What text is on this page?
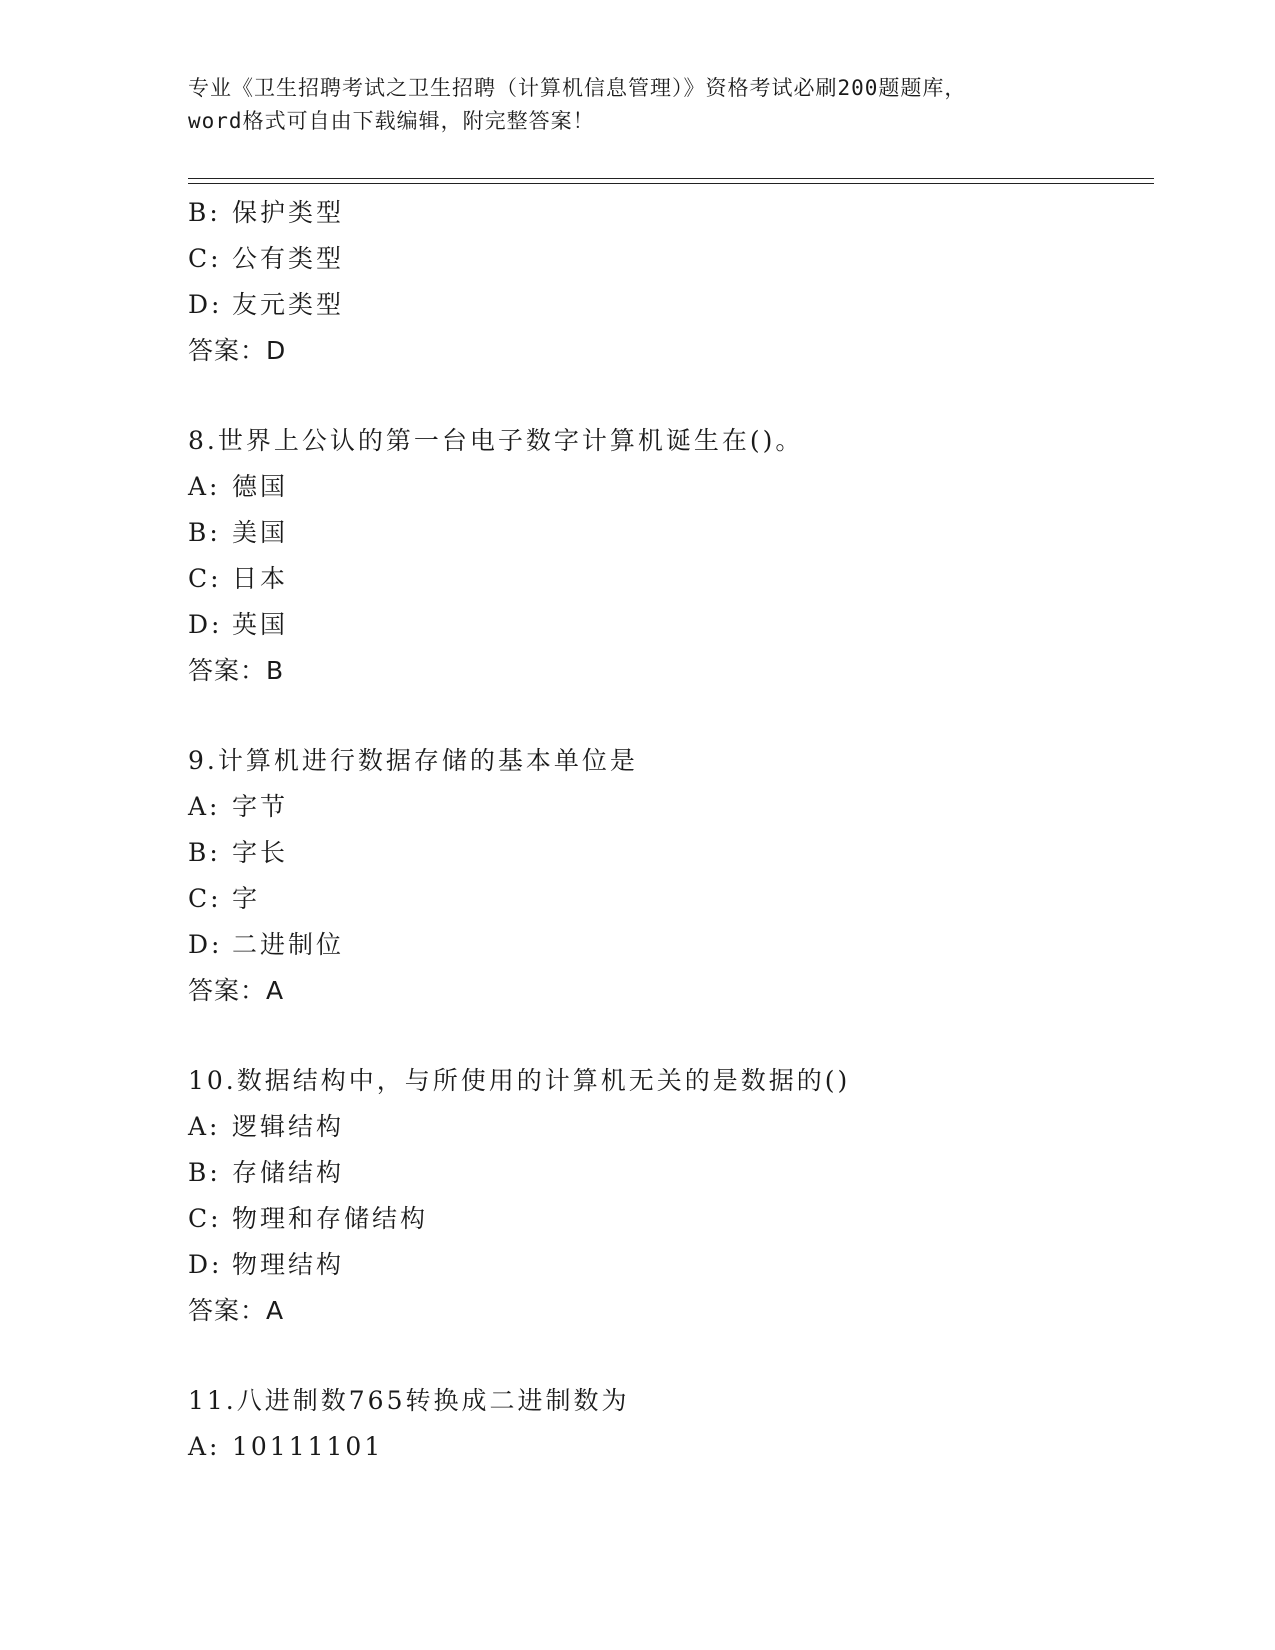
专业《卫生招聘考试之卫生招聘（计算机信息管理）》资格考试必刷200题题库，
word格式可自由下载编辑，附完整答案！
B: 保护类型
C: 公有类型
D: 友元类型
答案：D
8.世界上公认的第一台电子数字计算机诞生在()。
A: 德国
B: 美国
C: 日本
D: 英国
答案：B
9.计算机进行数据存储的基本单位是
A: 字节
B: 字长
C: 字
D: 二进制位
答案：A
10.数据结构中，与所使用的计算机无关的是数据的()
A: 逻辑结构
B: 存储结构
C: 物理和存储结构
D: 物理结构
答案：A
11.八进制数765转换成二进制数为
A: 10111101
